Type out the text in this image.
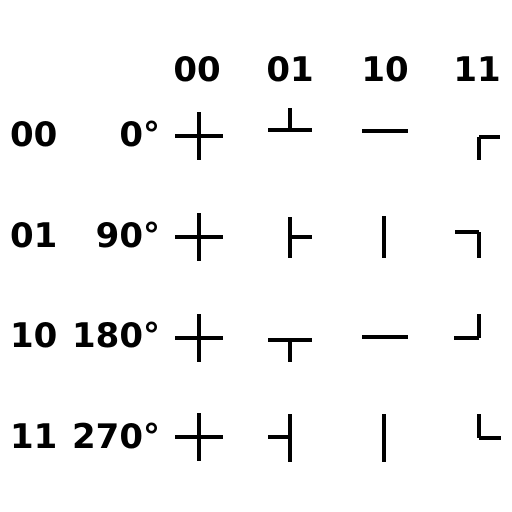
00 01 10 11
00
01
10
11
0°
90°
180°
270°
